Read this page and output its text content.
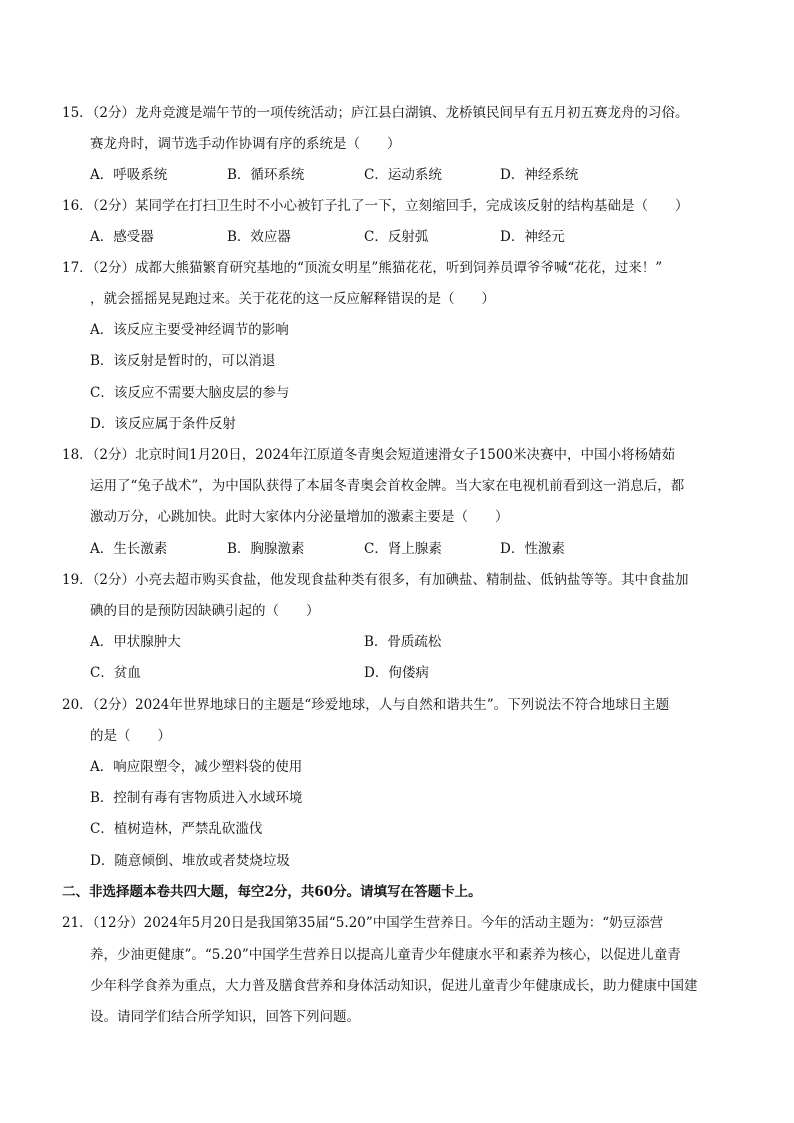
15．（2分）龙舟竞渡是端午节的一项传统活动；庐江县白湖镇、龙桥镇民间早有五月初五赛龙舟的习俗。
赛龙舟时，调节选手动作协调有序的系统是（　　）
A．呼吸系统	B．循环系统	C．运动系统	D．神经系统
16．（2分）某同学在打扫卫生时不小心被钉子扎了一下，立刻缩回手，完成该反射的结构基础是（　　）
A．感受器	B．效应器	C．反射弧	D．神经元
17．（2分）成都大熊猫繁育研究基地的“顶流女明星”熊猫花花，听到饲养员谭爷爷喊“花花，过来！”
，就会摇摇晃晃跑过来。关于花花的这一反应解释错误的是（　　）
A．该反应主要受神经调节的影响
B．该反射是暂时的，可以消退
C．该反应不需要大脑皮层的参与
D．该反应属于条件反射
18．（2分）北京时间1月20日，2024年江原道冬青奥会短道速滑女子1500米决赛中，中国小将杨婧茹
运用了“兔子战术”，为中国队获得了本届冬青奥会首枚金牌。当大家在电视机前看到这一消息后，都
激动万分，心跳加快。此时大家体内分泌量增加的激素主要是（　　）
A．生长激素	B．胸腺激素	C．肾上腺素	D．性激素
19．（2分）小亮去超市购买食盐，他发现食盐种类有很多，有加碘盐、精制盐、低钠盐等等。其中食盐加
碘的目的是预防因缺碘引起的（　　）
A．甲状腺肿大	B．骨质疏松
C．贫血	D．佝偻病
20．（2分）2024年世界地球日的主题是“珍爱地球，人与自然和谐共生”。下列说法不符合地球日主题
的是（　　）
A．响应限塑令，减少塑料袋的使用
B．控制有毒有害物质进入水域环境
C．植树造林，严禁乱砍滥伐
D．随意倾倒、堆放或者焚烧垃圾
二、非选择题本卷共四大题，每空2分，共60分。请填写在答题卡上。
21．（12分）2024年5月20日是我国第35届“5.20”中国学生营养日。今年的活动主题为：“奶豆添营
养，少油更健康”。“5.20”中国学生营养日以提高儿童青少年健康水平和素养为核心，以促进儿童青
少年科学食养为重点，大力普及膳食营养和身体活动知识，促进儿童青少年健康成长，助力健康中国建
设。请同学们结合所学知识，回答下列问题。
